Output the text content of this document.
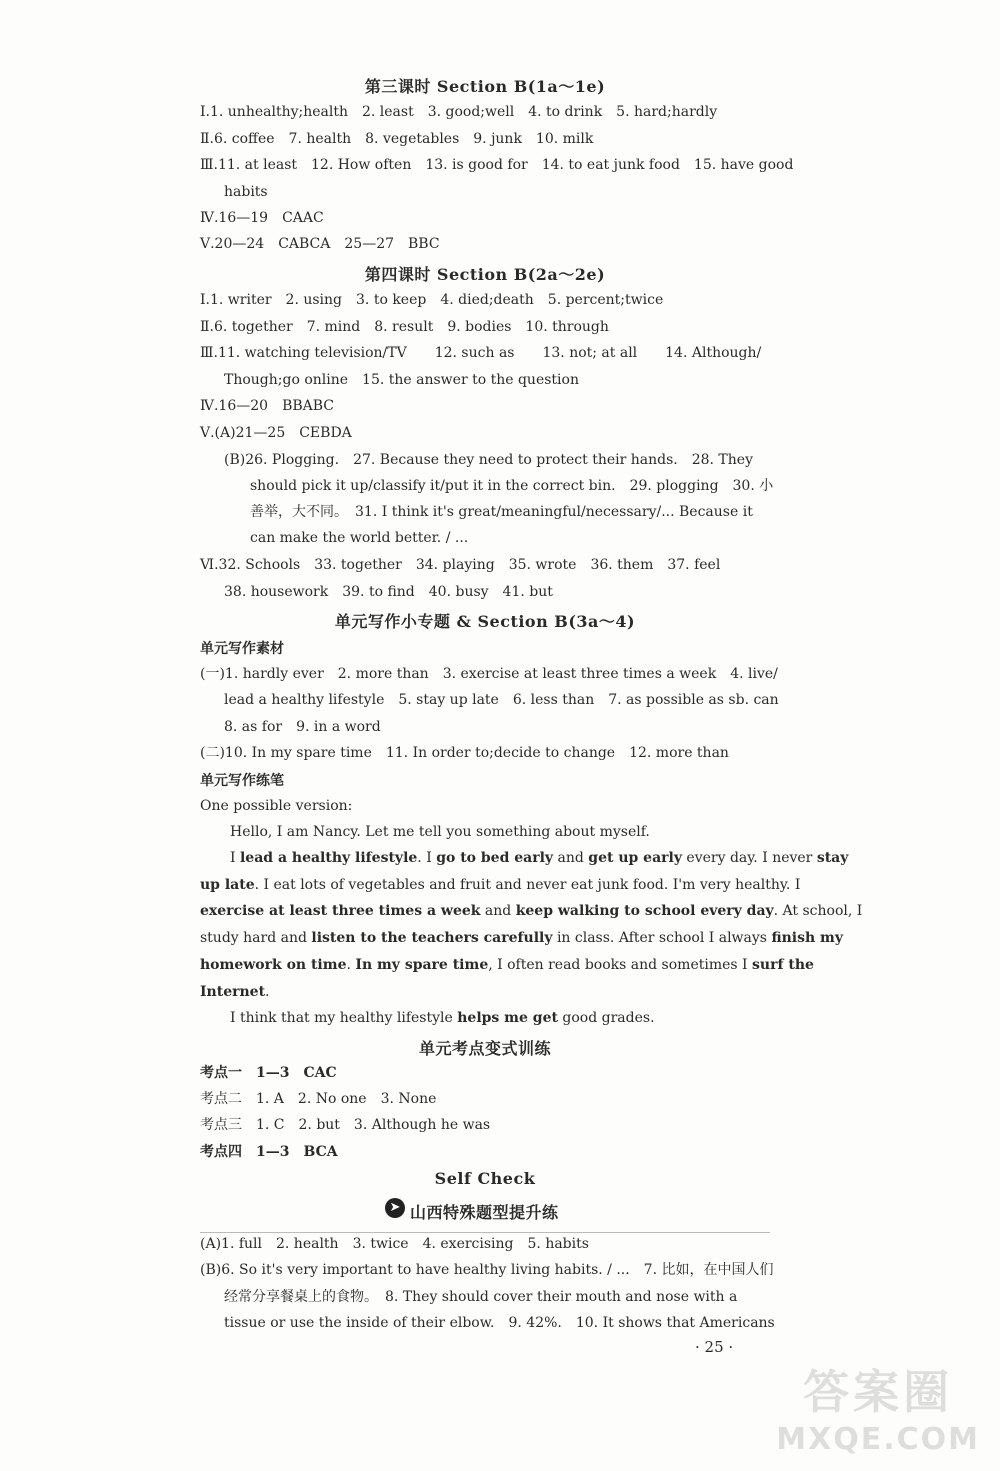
第三课时 Section B(1a～1e)
Ⅰ.1. unhealthy;health　2. least　3. good;well　4. to drink　5. hard;hardly
Ⅱ.6. coffee　7. health　8. vegetables　9. junk　10. milk
Ⅲ.11. at least　12. How often　13. is good for　14. to eat junk food　15. have good
habits
Ⅳ.16—19　CAAC
Ⅴ.20—24　CABCA　25—27　BBC
第四课时 Section B(2a～2e)
Ⅰ.1. writer　2. using　3. to keep　4. died;death　5. percent;twice
Ⅱ.6. together　7. mind　8. result　9. bodies　10. through
Ⅲ.11. watching television/TV　　12. such as　　13. not; at all　　14. Although/
Though;go online　15. the answer to the question
Ⅳ.16—20　BBABC
Ⅴ.(A)21—25　CEBDA
(B)26. Plogging.　27. Because they need to protect their hands.　28. They
should pick it up/classify it/put it in the correct bin.　29. plogging　30. 小
善举，大不同。　31. I think it's great/meaningful/necessary/... Because it
can make the world better. / ...
Ⅵ.32. Schools　33. together　34. playing　35. wrote　36. them　37. feel
38. housework　39. to find　40. busy　41. but
单元写作小专题 & Section B(3a～4)
单元写作素材
(一)1. hardly ever　2. more than　3. exercise at least three times a week　4. live/
lead a healthy lifestyle　5. stay up late　6. less than　7. as possible as sb. can
8. as for　9. in a word
(二)10. In my spare time　11. In order to;decide to change　12. more than
单元写作练笔
One possible version:
Hello, I am Nancy. Let me tell you something about myself.
I lead a healthy lifestyle. I go to bed early and get up early every day. I never stay
up late. I eat lots of vegetables and fruit and never eat junk food. I'm very healthy. I
exercise at least three times a week and keep walking to school every day. At school, I
study hard and listen to the teachers carefully in class. After school I always finish my
homework on time. In my spare time, I often read books and sometimes I surf the
Internet.
I think that my healthy lifestyle helps me get good grades.
单元考点变式训练
考点一　1—3　CAC
考点二　1. A　2. No one　3. None
考点三　1. C　2. but　3. Although he was
考点四　1—3　BCA
Self Check
➤ 山西特殊题型提升练
(A)1. full　2. health　3. twice　4. exercising　5. habits
(B)6. So it's very important to have healthy living habits. / ...　7. 比如，在中国人们
经常分享餐桌上的食物。　8. They should cover their mouth and nose with a
tissue or use the inside of their elbow.　9. 42%.　10. It shows that Americans
· 25 ·
答案圈
MXQE.COM
